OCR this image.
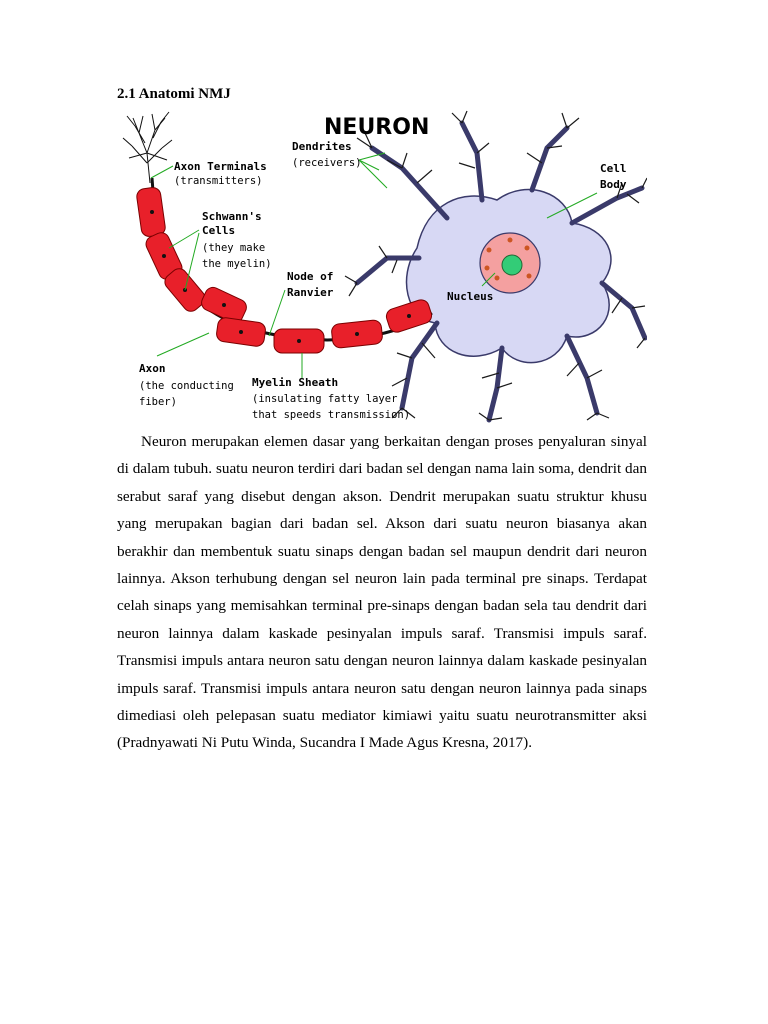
2.1 Anatomi NMJ
NEURON
Axon Terminals
(transmitters)
Schwann's
Cells
(they make
the myelin)
Node of
Ranvier
Axon
(the conducting
fiber)
Myelin Sheath
(insulating fatty layer
that speeds transmission)
Dendrites
(receivers)	Cell
Body
Nucleus

Neuron merupakan elemen dasar yang berkaitan dengan proses penyaluran sinyal di dalam tubuh. suatu neuron terdiri dari badan sel dengan nama lain soma, dendrit dan serabut saraf yang disebut dengan akson. Dendrit merupakan suatu struktur khusu yang merupakan bagian dari badan sel. Akson dari suatu neuron biasanya akan berakhir dan membentuk suatu sinaps dengan badan sel maupun dendrit dari neuron lainnya. Akson terhubung dengan sel neuron lain pada terminal pre sinaps. Terdapat celah sinaps yang memisahkan terminal pre-sinaps dengan badan sela tau dendrit dari neuron lainnya dalam kaskade pesinyalan impuls saraf. Transmisi impuls saraf. Transmisi impuls antara neuron satu dengan neuron lainnya dalam kaskade pesinyalan impuls saraf. Transmisi impuls antara neuron satu dengan neuron lainnya pada sinaps dimediasi oleh pelepasan suatu mediator kimiawi yaitu suatu neurotransmitter aksi (Pradnyawati Ni Putu Winda, Sucandra I Made Agus Kresna, 2017).
